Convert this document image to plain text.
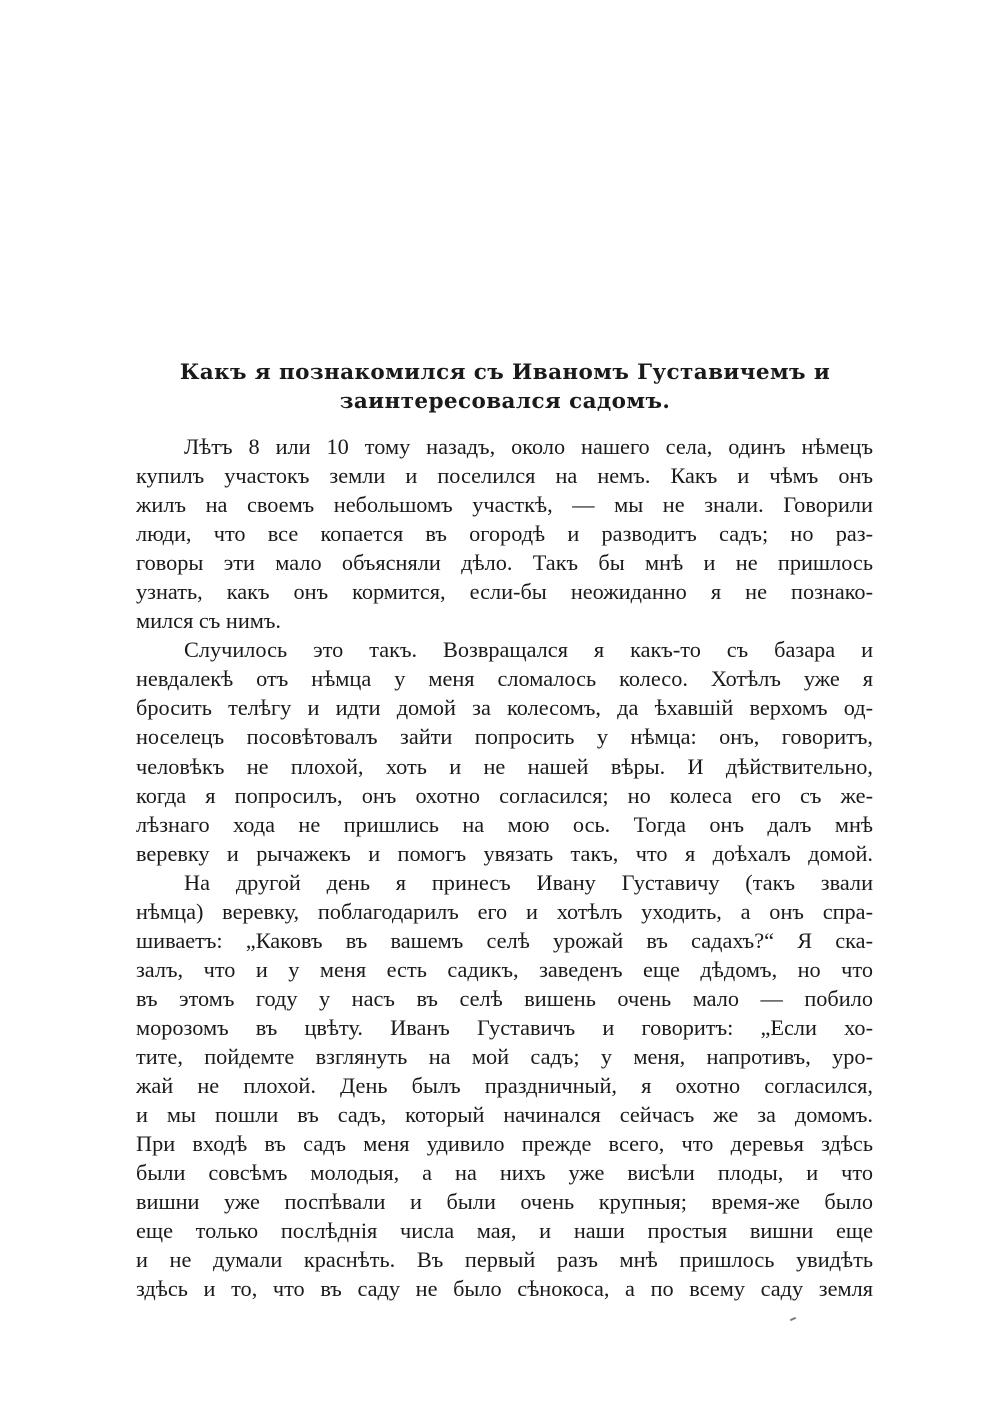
Какъ я познакомился съ Иваномъ Густавичемъ и
заинтересовался садомъ.
Лѣтъ 8 или 10 тому назадъ, около нашего села, одинъ нѣмецъ
купилъ участокъ земли и поселился на немъ. Какъ и чѣмъ онъ
жилъ на своемъ небольшомъ участкѣ, — мы не знали. Говорили
люди, что все копается въ огородѣ и разводитъ садъ; но раз-
говоры эти мало объясняли дѣло. Такъ бы мнѣ и не пришлось
узнать, какъ онъ кормится, если-бы неожиданно я не познако-
мился съ нимъ.
Случилось это такъ. Возвращался я какъ-то съ базара и
невдалекѣ отъ нѣмца у меня сломалось колесо. Хотѣлъ уже я
бросить телѣгу и идти домой за колесомъ, да ѣхавшій верхомъ од-
носелецъ посовѣтовалъ зайти попросить у нѣмца: онъ, говоритъ,
человѣкъ не плохой, хоть и не нашей вѣры. И дѣйствительно,
когда я попросилъ, онъ охотно согласился; но колеса его съ же-
лѣзнаго хода не пришлись на мою ось. Тогда онъ далъ мнѣ
веревку и рычажекъ и помогъ увязать такъ, что я доѣхалъ домой.
На другой день я принесъ Ивану Густавичу (такъ звали
нѣмца) веревку, поблагодарилъ его и хотѣлъ уходить, а онъ спра-
шиваетъ: „Каковъ въ вашемъ селѣ урожай въ садахъ?“ Я ска-
залъ, что и у меня есть садикъ, заведенъ еще дѣдомъ, но что
въ этомъ году у насъ въ селѣ вишень очень мало — побило
морозомъ въ цвѣту. Иванъ Густавичъ и говоритъ: „Если хо-
тите, пойдемте взглянуть на мой садъ; у меня, напротивъ, уро-
жай не плохой. День былъ праздничный, я охотно согласился,
и мы пошли въ садъ, который начинался сейчасъ же за домомъ.
При входѣ въ садъ меня удивило прежде всего, что деревья здѣсь
были совсѣмъ молодыя, а на нихъ уже висѣли плоды, и что
вишни уже поспѣвали и были очень крупныя; время-же было
еще только послѣднія числа мая, и наши простыя вишни еще
и не думали краснѣть. Въ первый разъ мнѣ пришлось увидѣть
здѣсь и то, что въ саду не было сѣнокоса, а по всему саду земля
